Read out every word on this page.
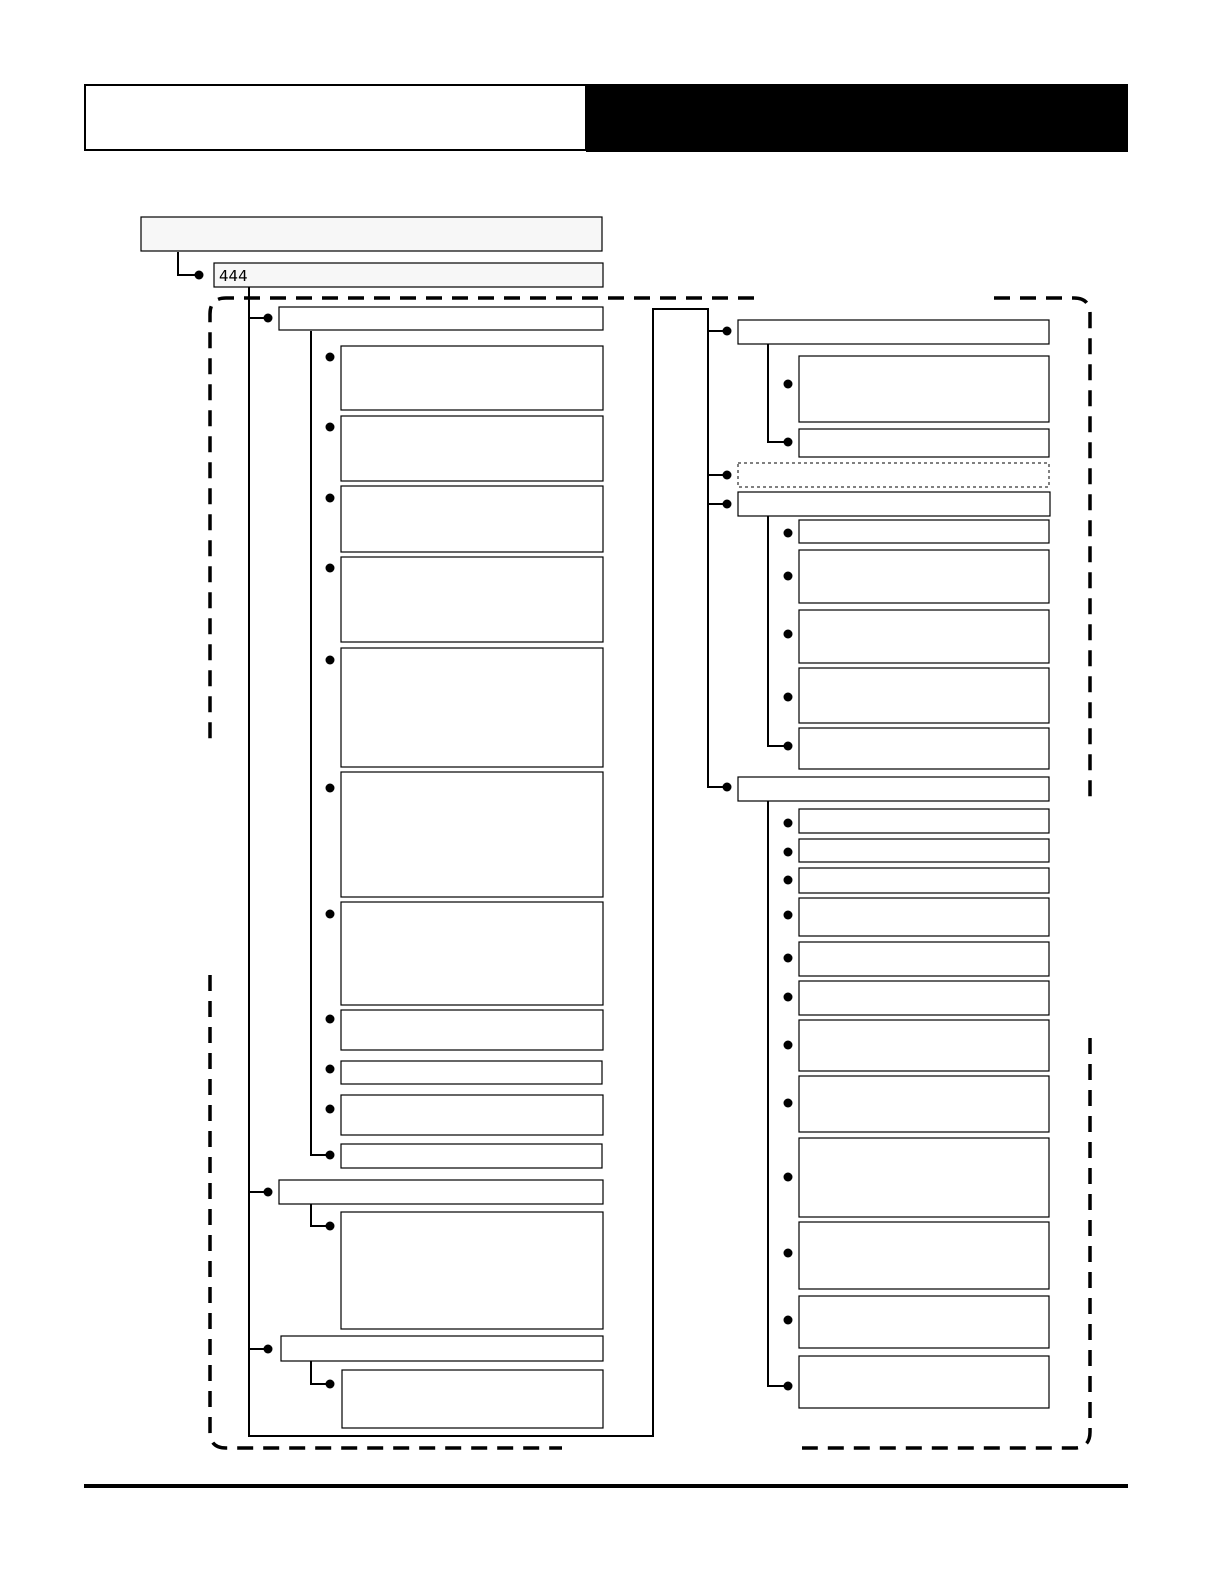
444
